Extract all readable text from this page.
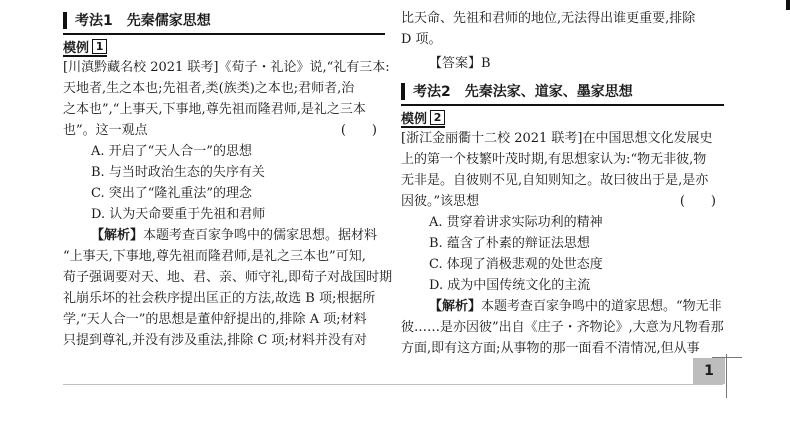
考法1　先秦儒家思想
模例 1
[川滇黔藏名校 2021 联考]《荀子・礼论》说,“礼有三本:
天地者,生之本也;先祖者,类(族类)之本也;君师者,治
之本也”,“上事天,下事地,尊先祖而隆君师,是礼之三本
也”。这一观点	(　　)
A. 开启了“天人合一”的思想
B. 与当时政治生态的失序有关
C. 突出了“隆礼重法”的理念
D. 认为天命要重于先祖和君师
【解析】本题考查百家争鸣中的儒家思想。据材料
“上事天,下事地,尊先祖而隆君师,是礼之三本也”可知,
荀子强调要对天、地、君、亲、师守礼,即荀子对战国时期
礼崩乐坏的社会秩序提出匡正的方法,故选 B 项;根据所
学,“天人合一”的思想是董仲舒提出的,排除 A 项;材料
只提到尊礼,并没有涉及重法,排除 C 项;材料并没有对
比天命、先祖和君师的地位,无法得出谁更重要,排除
D 项。
【答案】B
考法2　先秦法家、道家、墨家思想
模例 2
[浙江金丽衢十二校 2021 联考]在中国思想文化发展史
上的第一个枝繁叶茂时期,有思想家认为:“物无非彼,物
无非是。自彼则不见,自知则知之。故曰彼出于是,是亦
因彼。”该思想	(　　)
A. 贯穿着讲求实际功利的精神
B. 蕴含了朴素的辩证法思想
C. 体现了消极悲观的处世态度
D. 成为中国传统文化的主流
【解析】本题考查百家争鸣中的道家思想。“物无非
彼……是亦因彼”出自《庄子・齐物论》,大意为凡物看那
方面,即有这方面;从事物的那一面看不清情况,但从事
1
